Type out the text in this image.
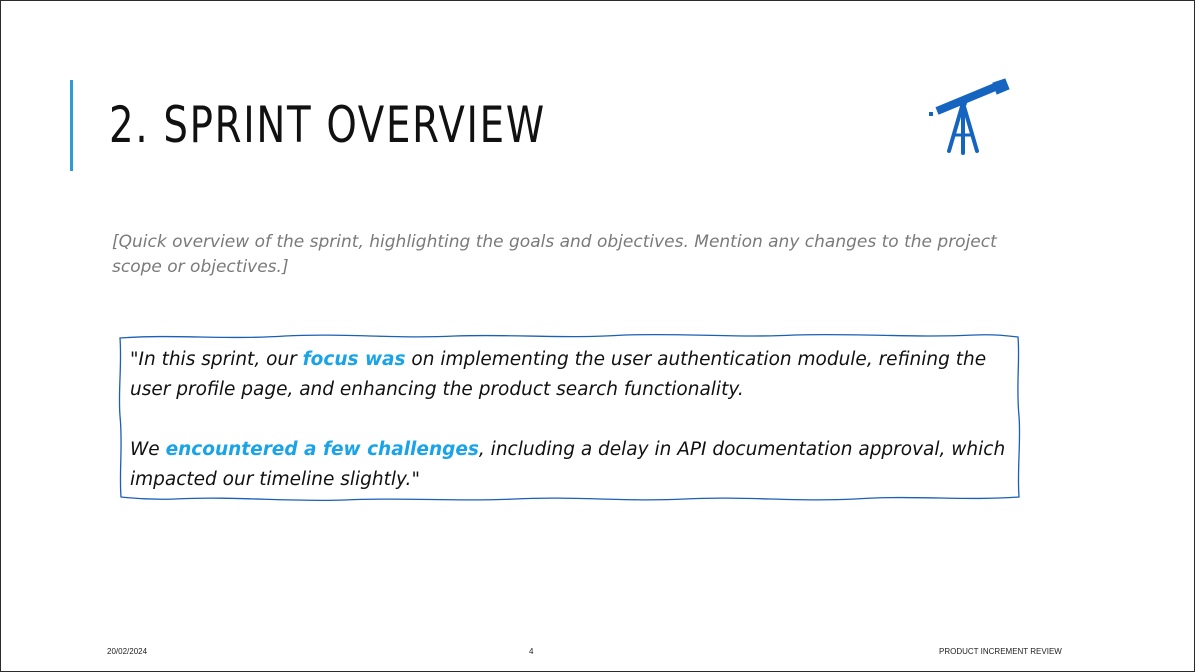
2. SPRINT OVERVIEW

[Quick overview of the sprint, highlighting the goals and objectives. Mention any changes to the project scope or objectives.]

"In this sprint, our focus was on implementing the user authentication module, refining the user profile page, and enhancing the product search functionality.

We encountered a few challenges, including a delay in API documentation approval, which impacted our timeline slightly."

20/02/2024	4	PRODUCT INCREMENT REVIEW
